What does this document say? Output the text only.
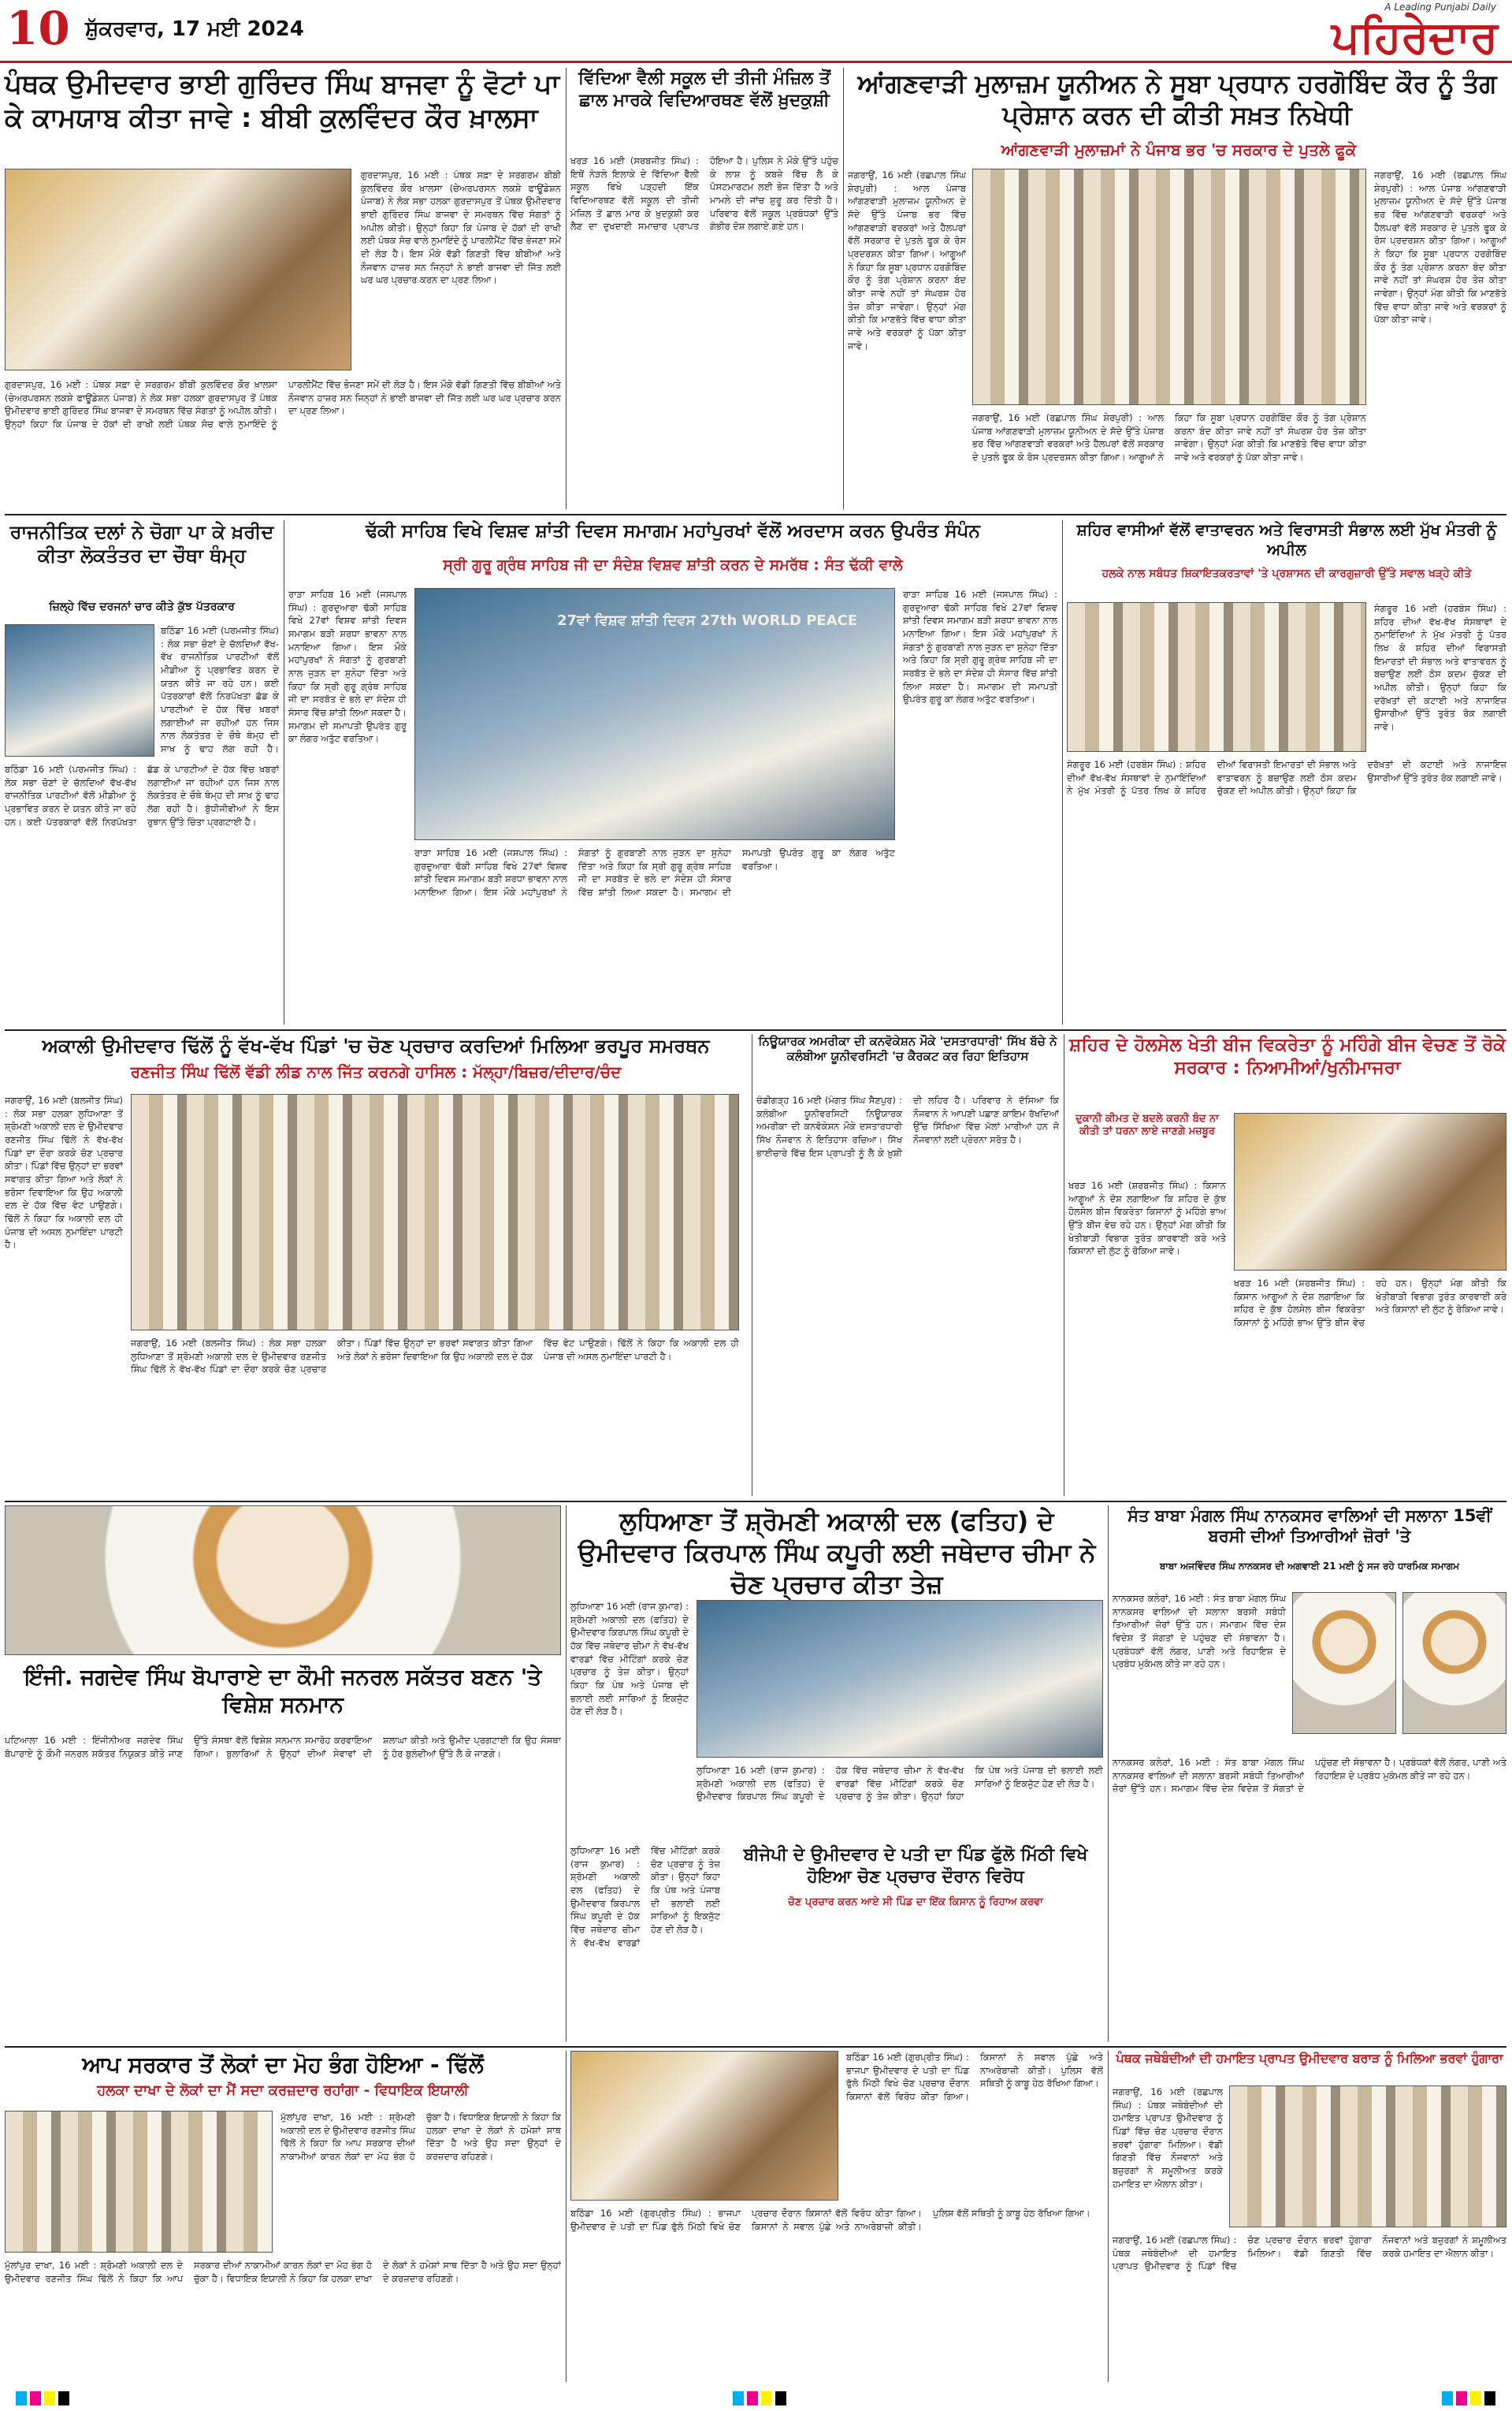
10 ਸ਼ੁੱਕਰਵਾਰ, 17 ਮਈ 2024
A Leading Punjabi Daily
ਪਹਿਰੇਦਾਰ
ਪੰਥਕ ਉਮੀਦਵਾਰ ਭਾਈ ਗੁਰਿੰਦਰ ਸਿੰਘ ਬਾਜਵਾ ਨੂੰ ਵੋਟਾਂ ਪਾ ਕੇ ਕਾਮਯਾਬ ਕੀਤਾ ਜਾਵੇ : ਬੀਬੀ ਕੁਲਵਿੰਦਰ ਕੌਰ ਖ਼ਾਲਸਾ
ਗੁਰਦਾਸਪੁਰ, 16 ਮਈ : ਪੰਥਕ ਸਫ਼ਾ ਦੇ ਸਰਗਰਮ ਬੀਬੀ ਕੁਲਵਿੰਦਰ ਕੌਰ ਖ਼ਾਲਸਾ (ਚੇਅਰਪਰਸਨ ਲਕਸ਼ੇ ਫਾਊਂਡੇਸ਼ਨ ਪੰਜਾਬ) ਨੇ ਲੋਕ ਸਭਾ ਹਲਕਾ ਗੁਰਦਾਸਪੁਰ ਤੋਂ ਪੰਥਕ ਉਮੀਦਵਾਰ ਭਾਈ ਗੁਰਿੰਦਰ ਸਿੰਘ ਬਾਜਵਾ ਦੇ ਸਮਰਥਨ ਵਿੱਚ ਸੰਗਤਾਂ ਨੂੰ ਅਪੀਲ ਕੀਤੀ। ਉਨ੍ਹਾਂ ਕਿਹਾ ਕਿ ਪੰਜਾਬ ਦੇ ਹੱਕਾਂ ਦੀ ਰਾਖੀ ਲਈ ਪੰਥਕ ਸੋਚ ਵਾਲੇ ਨੁਮਾਇੰਦੇ ਨੂੰ ਪਾਰਲੀਮੈਂਟ ਵਿੱਚ ਭੇਜਣਾ ਸਮੇਂ ਦੀ ਲੋੜ ਹੈ। ਇਸ ਮੌਕੇ ਵੱਡੀ ਗਿਣਤੀ ਵਿੱਚ ਬੀਬੀਆਂ ਅਤੇ ਨੌਜਵਾਨ ਹਾਜ਼ਰ ਸਨ ਜਿਨ੍ਹਾਂ ਨੇ ਭਾਈ ਬਾਜਵਾ ਦੀ ਜਿੱਤ ਲਈ ਘਰ ਘਰ ਪ੍ਰਚਾਰ ਕਰਨ ਦਾ ਪ੍ਰਣ ਲਿਆ।
ਗੁਰਦਾਸਪੁਰ, 16 ਮਈ : ਪੰਥਕ ਸਫ਼ਾ ਦੇ ਸਰਗਰਮ ਬੀਬੀ ਕੁਲਵਿੰਦਰ ਕੌਰ ਖ਼ਾਲਸਾ (ਚੇਅਰਪਰਸਨ ਲਕਸ਼ੇ ਫਾਊਂਡੇਸ਼ਨ ਪੰਜਾਬ) ਨੇ ਲੋਕ ਸਭਾ ਹਲਕਾ ਗੁਰਦਾਸਪੁਰ ਤੋਂ ਪੰਥਕ ਉਮੀਦਵਾਰ ਭਾਈ ਗੁਰਿੰਦਰ ਸਿੰਘ ਬਾਜਵਾ ਦੇ ਸਮਰਥਨ ਵਿੱਚ ਸੰਗਤਾਂ ਨੂੰ ਅਪੀਲ ਕੀਤੀ। ਉਨ੍ਹਾਂ ਕਿਹਾ ਕਿ ਪੰਜਾਬ ਦੇ ਹੱਕਾਂ ਦੀ ਰਾਖੀ ਲਈ ਪੰਥਕ ਸੋਚ ਵਾਲੇ ਨੁਮਾਇੰਦੇ ਨੂੰ ਪਾਰਲੀਮੈਂਟ ਵਿੱਚ ਭੇਜਣਾ ਸਮੇਂ ਦੀ ਲੋੜ ਹੈ। ਇਸ ਮੌਕੇ ਵੱਡੀ ਗਿਣਤੀ ਵਿੱਚ ਬੀਬੀਆਂ ਅਤੇ ਨੌਜਵਾਨ ਹਾਜ਼ਰ ਸਨ ਜਿਨ੍ਹਾਂ ਨੇ ਭਾਈ ਬਾਜਵਾ ਦੀ ਜਿੱਤ ਲਈ ਘਰ ਘਰ ਪ੍ਰਚਾਰ ਕਰਨ ਦਾ ਪ੍ਰਣ ਲਿਆ।
ਵਿੱਦਿਆ ਵੈਲੀ ਸਕੂਲ ਦੀ ਤੀਜੀ ਮੰਜ਼ਿਲ ਤੋਂ ਛਾਲ ਮਾਰਕੇ ਵਿਦਿਆਰਥਣ ਵੱਲੋਂ ਖ਼ੁਦਕੁਸ਼ੀ
ਖਰੜ 16 ਮਈ (ਸਰਬਜੀਤ ਸਿੰਘ) : ਇਥੋਂ ਨੇੜਲੇ ਇਲਾਕੇ ਦੇ ਵਿੱਦਿਆ ਵੈਲੀ ਸਕੂਲ ਵਿਖੇ ਪੜ੍ਹਦੀ ਇੱਕ ਵਿਦਿਆਰਥਣ ਵੱਲੋਂ ਸਕੂਲ ਦੀ ਤੀਜੀ ਮੰਜ਼ਿਲ ਤੋਂ ਛਾਲ ਮਾਰ ਕੇ ਖ਼ੁਦਕੁਸ਼ੀ ਕਰ ਲੈਣ ਦਾ ਦੁਖਦਾਈ ਸਮਾਚਾਰ ਪ੍ਰਾਪਤ ਹੋਇਆ ਹੈ। ਪੁਲਿਸ ਨੇ ਮੌਕੇ ਉੱਤੇ ਪਹੁੰਚ ਕੇ ਲਾਸ਼ ਨੂੰ ਕਬਜ਼ੇ ਵਿੱਚ ਲੈ ਕੇ ਪੋਸਟਮਾਰਟਮ ਲਈ ਭੇਜ ਦਿੱਤਾ ਹੈ ਅਤੇ ਮਾਮਲੇ ਦੀ ਜਾਂਚ ਸ਼ੁਰੂ ਕਰ ਦਿੱਤੀ ਹੈ। ਪਰਿਵਾਰ ਵੱਲੋਂ ਸਕੂਲ ਪ੍ਰਬੰਧਕਾਂ ਉੱਤੇ ਗੰਭੀਰ ਦੋਸ਼ ਲਗਾਏ ਗਏ ਹਨ।
ਆਂਗਣਵਾੜੀ ਮੁਲਾਜ਼ਮ ਯੂਨੀਅਨ ਨੇ ਸੂਬਾ ਪ੍ਰਧਾਨ ਹਰਗੋਬਿੰਦ ਕੌਰ ਨੂੰ ਤੰਗ ਪ੍ਰੇਸ਼ਾਨ ਕਰਨ ਦੀ ਕੀਤੀ ਸਖ਼ਤ ਨਿਖੇਧੀ
ਆਂਗਣਵਾੜੀ ਮੁਲਾਜ਼ਮਾਂ ਨੇ ਪੰਜਾਬ ਭਰ 'ਚ ਸਰਕਾਰ ਦੇ ਪੁਤਲੇ ਫੂਕੇ
ਜਗਰਾਉਂ, 16 ਮਈ (ਰਛਪਾਲ ਸਿੰਘ ਸ਼ੇਰਪੁਰੀ) : ਆਲ ਪੰਜਾਬ ਆਂਗਣਵਾੜੀ ਮੁਲਾਜ਼ਮ ਯੂਨੀਅਨ ਦੇ ਸੱਦੇ ਉੱਤੇ ਪੰਜਾਬ ਭਰ ਵਿੱਚ ਆਂਗਣਵਾੜੀ ਵਰਕਰਾਂ ਅਤੇ ਹੈਲਪਰਾਂ ਵੱਲੋਂ ਸਰਕਾਰ ਦੇ ਪੁਤਲੇ ਫੂਕ ਕੇ ਰੋਸ ਪ੍ਰਦਰਸ਼ਨ ਕੀਤਾ ਗਿਆ। ਆਗੂਆਂ ਨੇ ਕਿਹਾ ਕਿ ਸੂਬਾ ਪ੍ਰਧਾਨ ਹਰਗੋਬਿੰਦ ਕੌਰ ਨੂੰ ਤੰਗ ਪ੍ਰੇਸ਼ਾਨ ਕਰਨਾ ਬੰਦ ਕੀਤਾ ਜਾਵੇ ਨਹੀਂ ਤਾਂ ਸੰਘਰਸ਼ ਹੋਰ ਤੇਜ਼ ਕੀਤਾ ਜਾਵੇਗਾ। ਉਨ੍ਹਾਂ ਮੰਗ ਕੀਤੀ ਕਿ ਮਾਣਭੱਤੇ ਵਿੱਚ ਵਾਧਾ ਕੀਤਾ ਜਾਵੇ ਅਤੇ ਵਰਕਰਾਂ ਨੂੰ ਪੱਕਾ ਕੀਤਾ ਜਾਵੇ।
ਜਗਰਾਉਂ, 16 ਮਈ (ਰਛਪਾਲ ਸਿੰਘ ਸ਼ੇਰਪੁਰੀ) : ਆਲ ਪੰਜਾਬ ਆਂਗਣਵਾੜੀ ਮੁਲਾਜ਼ਮ ਯੂਨੀਅਨ ਦੇ ਸੱਦੇ ਉੱਤੇ ਪੰਜਾਬ ਭਰ ਵਿੱਚ ਆਂਗਣਵਾੜੀ ਵਰਕਰਾਂ ਅਤੇ ਹੈਲਪਰਾਂ ਵੱਲੋਂ ਸਰਕਾਰ ਦੇ ਪੁਤਲੇ ਫੂਕ ਕੇ ਰੋਸ ਪ੍ਰਦਰਸ਼ਨ ਕੀਤਾ ਗਿਆ। ਆਗੂਆਂ ਨੇ ਕਿਹਾ ਕਿ ਸੂਬਾ ਪ੍ਰਧਾਨ ਹਰਗੋਬਿੰਦ ਕੌਰ ਨੂੰ ਤੰਗ ਪ੍ਰੇਸ਼ਾਨ ਕਰਨਾ ਬੰਦ ਕੀਤਾ ਜਾਵੇ ਨਹੀਂ ਤਾਂ ਸੰਘਰਸ਼ ਹੋਰ ਤੇਜ਼ ਕੀਤਾ ਜਾਵੇਗਾ। ਉਨ੍ਹਾਂ ਮੰਗ ਕੀਤੀ ਕਿ ਮਾਣਭੱਤੇ ਵਿੱਚ ਵਾਧਾ ਕੀਤਾ ਜਾਵੇ ਅਤੇ ਵਰਕਰਾਂ ਨੂੰ ਪੱਕਾ ਕੀਤਾ ਜਾਵੇ।
ਜਗਰਾਉਂ, 16 ਮਈ (ਰਛਪਾਲ ਸਿੰਘ ਸ਼ੇਰਪੁਰੀ) : ਆਲ ਪੰਜਾਬ ਆਂਗਣਵਾੜੀ ਮੁਲਾਜ਼ਮ ਯੂਨੀਅਨ ਦੇ ਸੱਦੇ ਉੱਤੇ ਪੰਜਾਬ ਭਰ ਵਿੱਚ ਆਂਗਣਵਾੜੀ ਵਰਕਰਾਂ ਅਤੇ ਹੈਲਪਰਾਂ ਵੱਲੋਂ ਸਰਕਾਰ ਦੇ ਪੁਤਲੇ ਫੂਕ ਕੇ ਰੋਸ ਪ੍ਰਦਰਸ਼ਨ ਕੀਤਾ ਗਿਆ। ਆਗੂਆਂ ਨੇ ਕਿਹਾ ਕਿ ਸੂਬਾ ਪ੍ਰਧਾਨ ਹਰਗੋਬਿੰਦ ਕੌਰ ਨੂੰ ਤੰਗ ਪ੍ਰੇਸ਼ਾਨ ਕਰਨਾ ਬੰਦ ਕੀਤਾ ਜਾਵੇ ਨਹੀਂ ਤਾਂ ਸੰਘਰਸ਼ ਹੋਰ ਤੇਜ਼ ਕੀਤਾ ਜਾਵੇਗਾ। ਉਨ੍ਹਾਂ ਮੰਗ ਕੀਤੀ ਕਿ ਮਾਣਭੱਤੇ ਵਿੱਚ ਵਾਧਾ ਕੀਤਾ ਜਾਵੇ ਅਤੇ ਵਰਕਰਾਂ ਨੂੰ ਪੱਕਾ ਕੀਤਾ ਜਾਵੇ।
ਰਾਜਨੀਤਿਕ ਦਲਾਂ ਨੇ ਚੋਗਾ ਪਾ ਕੇ ਖ਼ਰੀਦ ਕੀਤਾ ਲੋਕਤੰਤਰ ਦਾ ਚੌਥਾ ਥੰਮ੍ਹ
ਜ਼ਿਲ੍ਹੇ ਵਿੱਚ ਦਰਜਨਾਂ ਚਾਰ ਕੀਤੇ ਕੁੱਝ ਪੱਤਰਕਾਰ
ਬਠਿੰਡਾ 16 ਮਈ (ਪਰਮਜੀਤ ਸਿੰਘ) : ਲੋਕ ਸਭਾ ਚੋਣਾਂ ਦੇ ਚੱਲਦਿਆਂ ਵੱਖ-ਵੱਖ ਰਾਜਨੀਤਿਕ ਪਾਰਟੀਆਂ ਵੱਲੋਂ ਮੀਡੀਆ ਨੂੰ ਪ੍ਰਭਾਵਿਤ ਕਰਨ ਦੇ ਯਤਨ ਕੀਤੇ ਜਾ ਰਹੇ ਹਨ। ਕਈ ਪੱਤਰਕਾਰਾਂ ਵੱਲੋਂ ਨਿਰਪੱਖਤਾ ਛੱਡ ਕੇ ਪਾਰਟੀਆਂ ਦੇ ਹੱਕ ਵਿੱਚ ਖ਼ਬਰਾਂ ਲਗਾਈਆਂ ਜਾ ਰਹੀਆਂ ਹਨ ਜਿਸ ਨਾਲ ਲੋਕਤੰਤਰ ਦੇ ਚੌਥੇ ਥੰਮ੍ਹ ਦੀ ਸਾਖ਼ ਨੂੰ ਢਾਹ ਲੱਗ ਰਹੀ ਹੈ।
ਬਠਿੰਡਾ 16 ਮਈ (ਪਰਮਜੀਤ ਸਿੰਘ) : ਲੋਕ ਸਭਾ ਚੋਣਾਂ ਦੇ ਚੱਲਦਿਆਂ ਵੱਖ-ਵੱਖ ਰਾਜਨੀਤਿਕ ਪਾਰਟੀਆਂ ਵੱਲੋਂ ਮੀਡੀਆ ਨੂੰ ਪ੍ਰਭਾਵਿਤ ਕਰਨ ਦੇ ਯਤਨ ਕੀਤੇ ਜਾ ਰਹੇ ਹਨ। ਕਈ ਪੱਤਰਕਾਰਾਂ ਵੱਲੋਂ ਨਿਰਪੱਖਤਾ ਛੱਡ ਕੇ ਪਾਰਟੀਆਂ ਦੇ ਹੱਕ ਵਿੱਚ ਖ਼ਬਰਾਂ ਲਗਾਈਆਂ ਜਾ ਰਹੀਆਂ ਹਨ ਜਿਸ ਨਾਲ ਲੋਕਤੰਤਰ ਦੇ ਚੌਥੇ ਥੰਮ੍ਹ ਦੀ ਸਾਖ਼ ਨੂੰ ਢਾਹ ਲੱਗ ਰਹੀ ਹੈ। ਬੁੱਧੀਜੀਵੀਆਂ ਨੇ ਇਸ ਰੁਝਾਨ ਉੱਤੇ ਚਿੰਤਾ ਪ੍ਰਗਟਾਈ ਹੈ।
ਢੱਕੀ ਸਾਹਿਬ ਵਿਖੇ ਵਿਸ਼ਵ ਸ਼ਾਂਤੀ ਦਿਵਸ ਸਮਾਗਮ ਮਹਾਂਪੁਰਖਾਂ ਵੱਲੋਂ ਅਰਦਾਸ ਕਰਨ ਉਪਰੰਤ ਸੰਪੰਨ
ਸ੍ਰੀ ਗੁਰੂ ਗ੍ਰੰਥ ਸਾਹਿਬ ਜੀ ਦਾ ਸੰਦੇਸ਼ ਵਿਸ਼ਵ ਸ਼ਾਂਤੀ ਕਰਨ ਦੇ ਸਮਰੱਥ : ਸੰਤ ਢੱਕੀ ਵਾਲੇ
ਰਾੜਾ ਸਾਹਿਬ 16 ਮਈ (ਜਸਪਾਲ ਸਿੰਘ) : ਗੁਰਦੁਆਰਾ ਢੱਕੀ ਸਾਹਿਬ ਵਿਖੇ 27ਵਾਂ ਵਿਸ਼ਵ ਸ਼ਾਂਤੀ ਦਿਵਸ ਸਮਾਗਮ ਬੜੀ ਸ਼ਰਧਾ ਭਾਵਨਾ ਨਾਲ ਮਨਾਇਆ ਗਿਆ। ਇਸ ਮੌਕੇ ਮਹਾਂਪੁਰਖਾਂ ਨੇ ਸੰਗਤਾਂ ਨੂੰ ਗੁਰਬਾਣੀ ਨਾਲ ਜੁੜਨ ਦਾ ਸੁਨੇਹਾ ਦਿੱਤਾ ਅਤੇ ਕਿਹਾ ਕਿ ਸ੍ਰੀ ਗੁਰੂ ਗ੍ਰੰਥ ਸਾਹਿਬ ਜੀ ਦਾ ਸਰਬੱਤ ਦੇ ਭਲੇ ਦਾ ਸੰਦੇਸ਼ ਹੀ ਸੰਸਾਰ ਵਿੱਚ ਸ਼ਾਂਤੀ ਲਿਆ ਸਕਦਾ ਹੈ। ਸਮਾਗਮ ਦੀ ਸਮਾਪਤੀ ਉਪਰੰਤ ਗੁਰੂ ਕਾ ਲੰਗਰ ਅਤੁੱਟ ਵਰਤਿਆ।
27ਵਾਂ ਵਿਸ਼ਵ ਸ਼ਾਂਤੀ ਦਿਵਸ 27th WORLD PEACE
ਰਾੜਾ ਸਾਹਿਬ 16 ਮਈ (ਜਸਪਾਲ ਸਿੰਘ) : ਗੁਰਦੁਆਰਾ ਢੱਕੀ ਸਾਹਿਬ ਵਿਖੇ 27ਵਾਂ ਵਿਸ਼ਵ ਸ਼ਾਂਤੀ ਦਿਵਸ ਸਮਾਗਮ ਬੜੀ ਸ਼ਰਧਾ ਭਾਵਨਾ ਨਾਲ ਮਨਾਇਆ ਗਿਆ। ਇਸ ਮੌਕੇ ਮਹਾਂਪੁਰਖਾਂ ਨੇ ਸੰਗਤਾਂ ਨੂੰ ਗੁਰਬਾਣੀ ਨਾਲ ਜੁੜਨ ਦਾ ਸੁਨੇਹਾ ਦਿੱਤਾ ਅਤੇ ਕਿਹਾ ਕਿ ਸ੍ਰੀ ਗੁਰੂ ਗ੍ਰੰਥ ਸਾਹਿਬ ਜੀ ਦਾ ਸਰਬੱਤ ਦੇ ਭਲੇ ਦਾ ਸੰਦੇਸ਼ ਹੀ ਸੰਸਾਰ ਵਿੱਚ ਸ਼ਾਂਤੀ ਲਿਆ ਸਕਦਾ ਹੈ। ਸਮਾਗਮ ਦੀ ਸਮਾਪਤੀ ਉਪਰੰਤ ਗੁਰੂ ਕਾ ਲੰਗਰ ਅਤੁੱਟ ਵਰਤਿਆ।
ਰਾੜਾ ਸਾਹਿਬ 16 ਮਈ (ਜਸਪਾਲ ਸਿੰਘ) : ਗੁਰਦੁਆਰਾ ਢੱਕੀ ਸਾਹਿਬ ਵਿਖੇ 27ਵਾਂ ਵਿਸ਼ਵ ਸ਼ਾਂਤੀ ਦਿਵਸ ਸਮਾਗਮ ਬੜੀ ਸ਼ਰਧਾ ਭਾਵਨਾ ਨਾਲ ਮਨਾਇਆ ਗਿਆ। ਇਸ ਮੌਕੇ ਮਹਾਂਪੁਰਖਾਂ ਨੇ ਸੰਗਤਾਂ ਨੂੰ ਗੁਰਬਾਣੀ ਨਾਲ ਜੁੜਨ ਦਾ ਸੁਨੇਹਾ ਦਿੱਤਾ ਅਤੇ ਕਿਹਾ ਕਿ ਸ੍ਰੀ ਗੁਰੂ ਗ੍ਰੰਥ ਸਾਹਿਬ ਜੀ ਦਾ ਸਰਬੱਤ ਦੇ ਭਲੇ ਦਾ ਸੰਦੇਸ਼ ਹੀ ਸੰਸਾਰ ਵਿੱਚ ਸ਼ਾਂਤੀ ਲਿਆ ਸਕਦਾ ਹੈ। ਸਮਾਗਮ ਦੀ ਸਮਾਪਤੀ ਉਪਰੰਤ ਗੁਰੂ ਕਾ ਲੰਗਰ ਅਤੁੱਟ ਵਰਤਿਆ।
ਸ਼ਹਿਰ ਵਾਸੀਆਂ ਵੱਲੋਂ ਵਾਤਾਵਰਨ ਅਤੇ ਵਿਰਾਸਤੀ ਸੰਭਾਲ ਲਈ ਮੁੱਖ ਮੰਤਰੀ ਨੂੰ ਅਪੀਲ
ਹਲਕੇ ਨਾਲ ਸਬੰਧਤ ਸ਼ਿਕਾਇਤਕਰਤਾਵਾਂ 'ਤੇ ਪ੍ਰਸ਼ਾਸਨ ਦੀ ਕਾਰਗੁਜ਼ਾਰੀ ਉੱਤੇ ਸਵਾਲ ਖੜ੍ਹੇ ਕੀਤੇ
ਸੰਗਰੂਰ 16 ਮਈ (ਹਰਬੰਸ ਸਿੰਘ) : ਸ਼ਹਿਰ ਦੀਆਂ ਵੱਖ-ਵੱਖ ਸੰਸਥਾਵਾਂ ਦੇ ਨੁਮਾਇੰਦਿਆਂ ਨੇ ਮੁੱਖ ਮੰਤਰੀ ਨੂੰ ਪੱਤਰ ਲਿਖ ਕੇ ਸ਼ਹਿਰ ਦੀਆਂ ਵਿਰਾਸਤੀ ਇਮਾਰਤਾਂ ਦੀ ਸੰਭਾਲ ਅਤੇ ਵਾਤਾਵਰਨ ਨੂੰ ਬਚਾਉਣ ਲਈ ਠੋਸ ਕਦਮ ਚੁੱਕਣ ਦੀ ਅਪੀਲ ਕੀਤੀ। ਉਨ੍ਹਾਂ ਕਿਹਾ ਕਿ ਦਰੱਖ਼ਤਾਂ ਦੀ ਕਟਾਈ ਅਤੇ ਨਾਜਾਇਜ਼ ਉਸਾਰੀਆਂ ਉੱਤੇ ਤੁਰੰਤ ਰੋਕ ਲਗਾਈ ਜਾਵੇ।
ਸੰਗਰੂਰ 16 ਮਈ (ਹਰਬੰਸ ਸਿੰਘ) : ਸ਼ਹਿਰ ਦੀਆਂ ਵੱਖ-ਵੱਖ ਸੰਸਥਾਵਾਂ ਦੇ ਨੁਮਾਇੰਦਿਆਂ ਨੇ ਮੁੱਖ ਮੰਤਰੀ ਨੂੰ ਪੱਤਰ ਲਿਖ ਕੇ ਸ਼ਹਿਰ ਦੀਆਂ ਵਿਰਾਸਤੀ ਇਮਾਰਤਾਂ ਦੀ ਸੰਭਾਲ ਅਤੇ ਵਾਤਾਵਰਨ ਨੂੰ ਬਚਾਉਣ ਲਈ ਠੋਸ ਕਦਮ ਚੁੱਕਣ ਦੀ ਅਪੀਲ ਕੀਤੀ। ਉਨ੍ਹਾਂ ਕਿਹਾ ਕਿ ਦਰੱਖ਼ਤਾਂ ਦੀ ਕਟਾਈ ਅਤੇ ਨਾਜਾਇਜ਼ ਉਸਾਰੀਆਂ ਉੱਤੇ ਤੁਰੰਤ ਰੋਕ ਲਗਾਈ ਜਾਵੇ।
ਅਕਾਲੀ ਉਮੀਦਵਾਰ ਢਿੱਲੋਂ ਨੂੰ ਵੱਖ-ਵੱਖ ਪਿੰਡਾਂ 'ਚ ਚੋਣ ਪ੍ਰਚਾਰ ਕਰਦਿਆਂ ਮਿਲਿਆ ਭਰਪੂਰ ਸਮਰਥਨ
ਰਣਜੀਤ ਸਿੰਘ ਢਿੱਲੋਂ ਵੱਡੀ ਲੀਡ ਨਾਲ ਜਿੱਤ ਕਰਨਗੇ ਹਾਸਿਲ : ਮੱਲ੍ਹਾ/ਬਿਜ਼ਰ/ਦੀਦਾਰ/ਚੰਦ
ਜਗਰਾਉਂ, 16 ਮਈ (ਬਲਜੀਤ ਸਿੰਘ) : ਲੋਕ ਸਭਾ ਹਲਕਾ ਲੁਧਿਆਣਾ ਤੋਂ ਸ਼੍ਰੋਮਣੀ ਅਕਾਲੀ ਦਲ ਦੇ ਉਮੀਦਵਾਰ ਰਣਜੀਤ ਸਿੰਘ ਢਿੱਲੋਂ ਨੇ ਵੱਖ-ਵੱਖ ਪਿੰਡਾਂ ਦਾ ਦੌਰਾ ਕਰਕੇ ਚੋਣ ਪ੍ਰਚਾਰ ਕੀਤਾ। ਪਿੰਡਾਂ ਵਿੱਚ ਉਨ੍ਹਾਂ ਦਾ ਭਰਵਾਂ ਸਵਾਗਤ ਕੀਤਾ ਗਿਆ ਅਤੇ ਲੋਕਾਂ ਨੇ ਭਰੋਸਾ ਦਿਵਾਇਆ ਕਿ ਉਹ ਅਕਾਲੀ ਦਲ ਦੇ ਹੱਕ ਵਿੱਚ ਵੋਟ ਪਾਉਣਗੇ। ਢਿੱਲੋਂ ਨੇ ਕਿਹਾ ਕਿ ਅਕਾਲੀ ਦਲ ਹੀ ਪੰਜਾਬ ਦੀ ਅਸਲ ਨੁਮਾਇੰਦਾ ਪਾਰਟੀ ਹੈ।
ਜਗਰਾਉਂ, 16 ਮਈ (ਬਲਜੀਤ ਸਿੰਘ) : ਲੋਕ ਸਭਾ ਹਲਕਾ ਲੁਧਿਆਣਾ ਤੋਂ ਸ਼੍ਰੋਮਣੀ ਅਕਾਲੀ ਦਲ ਦੇ ਉਮੀਦਵਾਰ ਰਣਜੀਤ ਸਿੰਘ ਢਿੱਲੋਂ ਨੇ ਵੱਖ-ਵੱਖ ਪਿੰਡਾਂ ਦਾ ਦੌਰਾ ਕਰਕੇ ਚੋਣ ਪ੍ਰਚਾਰ ਕੀਤਾ। ਪਿੰਡਾਂ ਵਿੱਚ ਉਨ੍ਹਾਂ ਦਾ ਭਰਵਾਂ ਸਵਾਗਤ ਕੀਤਾ ਗਿਆ ਅਤੇ ਲੋਕਾਂ ਨੇ ਭਰੋਸਾ ਦਿਵਾਇਆ ਕਿ ਉਹ ਅਕਾਲੀ ਦਲ ਦੇ ਹੱਕ ਵਿੱਚ ਵੋਟ ਪਾਉਣਗੇ। ਢਿੱਲੋਂ ਨੇ ਕਿਹਾ ਕਿ ਅਕਾਲੀ ਦਲ ਹੀ ਪੰਜਾਬ ਦੀ ਅਸਲ ਨੁਮਾਇੰਦਾ ਪਾਰਟੀ ਹੈ।
ਨਿਊਯਾਰਕ ਅਮਰੀਕਾ ਦੀ ਕਨਵੋਕੇਸ਼ਨ ਮੌਕੇ 'ਦਸਤਾਰਧਾਰੀ' ਸਿੱਖ ਬੱਚੇ ਨੇ ਕਲੰਬੀਆ ਯੂਨੀਵਰਸਿਟੀ 'ਚ ਕੈਰਕਟ ਕਰ ਰਿਹਾ ਇਤਿਹਾਸ
ਚੰਡੀਗੜ੍ਹ 16 ਮਈ (ਮੰਗਤ ਸਿੰਘ ਸੈਣਪੁਰ) : ਕਲੰਬੀਆ ਯੂਨੀਵਰਸਿਟੀ ਨਿਊਯਾਰਕ ਅਮਰੀਕਾ ਦੀ ਕਨਵੋਕੇਸ਼ਨ ਮੌਕੇ ਦਸਤਾਰਧਾਰੀ ਸਿੱਖ ਨੌਜਵਾਨ ਨੇ ਇਤਿਹਾਸ ਰਚਿਆ। ਸਿੱਖ ਭਾਈਚਾਰੇ ਵਿੱਚ ਇਸ ਪ੍ਰਾਪਤੀ ਨੂੰ ਲੈ ਕੇ ਖ਼ੁਸ਼ੀ ਦੀ ਲਹਿਰ ਹੈ। ਪਰਿਵਾਰ ਨੇ ਦੱਸਿਆ ਕਿ ਨੌਜਵਾਨ ਨੇ ਆਪਣੀ ਪਛਾਣ ਕਾਇਮ ਰੱਖਦਿਆਂ ਉੱਚ ਸਿੱਖਿਆ ਵਿੱਚ ਮੱਲਾਂ ਮਾਰੀਆਂ ਹਨ ਜੋ ਨੌਜਵਾਨਾਂ ਲਈ ਪ੍ਰੇਰਨਾ ਸਰੋਤ ਹੈ।
ਸ਼ਹਿਰ ਦੇ ਹੋਲਸੇਲ ਖੇਤੀ ਬੀਜ ਵਿਕਰੇਤਾ ਨੂੰ ਮਹਿੰਗੇ ਬੀਜ ਵੇਚਣ ਤੋਂ ਰੋਕੇ ਸਰਕਾਰ : ਨਿਆਮੀਆਂ/ਖੁਨੀਮਾਜਰਾ
ਦੁਕਾਨੀ ਕੀਮਤ ਦੇ ਬਦਲੇ ਕਰਨੀ ਬੰਦ ਨਾ ਕੀਤੀ ਤਾਂ ਧਰਨਾ ਲਾਏ ਜਾਣਗੇ ਮਜ਼ਬੂਰ
ਖਰੜ 16 ਮਈ (ਸ਼ਰਬਜੀਤ ਸਿੰਘ) : ਕਿਸਾਨ ਆਗੂਆਂ ਨੇ ਦੋਸ਼ ਲਗਾਇਆ ਕਿ ਸ਼ਹਿਰ ਦੇ ਕੁੱਝ ਹੋਲਸੇਲ ਬੀਜ ਵਿਕਰੇਤਾ ਕਿਸਾਨਾਂ ਨੂੰ ਮਹਿੰਗੇ ਭਾਅ ਉੱਤੇ ਬੀਜ ਵੇਚ ਰਹੇ ਹਨ। ਉਨ੍ਹਾਂ ਮੰਗ ਕੀਤੀ ਕਿ ਖੇਤੀਬਾੜੀ ਵਿਭਾਗ ਤੁਰੰਤ ਕਾਰਵਾਈ ਕਰੇ ਅਤੇ ਕਿਸਾਨਾਂ ਦੀ ਲੁੱਟ ਨੂੰ ਰੋਕਿਆ ਜਾਵੇ।
ਖਰੜ 16 ਮਈ (ਸ਼ਰਬਜੀਤ ਸਿੰਘ) : ਕਿਸਾਨ ਆਗੂਆਂ ਨੇ ਦੋਸ਼ ਲਗਾਇਆ ਕਿ ਸ਼ਹਿਰ ਦੇ ਕੁੱਝ ਹੋਲਸੇਲ ਬੀਜ ਵਿਕਰੇਤਾ ਕਿਸਾਨਾਂ ਨੂੰ ਮਹਿੰਗੇ ਭਾਅ ਉੱਤੇ ਬੀਜ ਵੇਚ ਰਹੇ ਹਨ। ਉਨ੍ਹਾਂ ਮੰਗ ਕੀਤੀ ਕਿ ਖੇਤੀਬਾੜੀ ਵਿਭਾਗ ਤੁਰੰਤ ਕਾਰਵਾਈ ਕਰੇ ਅਤੇ ਕਿਸਾਨਾਂ ਦੀ ਲੁੱਟ ਨੂੰ ਰੋਕਿਆ ਜਾਵੇ।
ਇੰਜੀ. ਜਗਦੇਵ ਸਿੰਘ ਬੋਪਾਰਾਏ ਦਾ ਕੌਮੀ ਜਨਰਲ ਸਕੱਤਰ ਬਣਨ 'ਤੇ ਵਿਸ਼ੇਸ਼ ਸਨਮਾਨ
ਪਟਿਆਲਾ 16 ਮਈ : ਇੰਜੀਨੀਅਰ ਜਗਦੇਵ ਸਿੰਘ ਬੋਪਾਰਾਏ ਨੂੰ ਕੌਮੀ ਜਨਰਲ ਸਕੱਤਰ ਨਿਯੁਕਤ ਕੀਤੇ ਜਾਣ ਉੱਤੇ ਸੰਸਥਾ ਵੱਲੋਂ ਵਿਸ਼ੇਸ਼ ਸਨਮਾਨ ਸਮਾਰੋਹ ਕਰਵਾਇਆ ਗਿਆ। ਬੁਲਾਰਿਆਂ ਨੇ ਉਨ੍ਹਾਂ ਦੀਆਂ ਸੇਵਾਵਾਂ ਦੀ ਸ਼ਲਾਘਾ ਕੀਤੀ ਅਤੇ ਉਮੀਦ ਪ੍ਰਗਟਾਈ ਕਿ ਉਹ ਸੰਸਥਾ ਨੂੰ ਹੋਰ ਬੁਲੰਦੀਆਂ ਉੱਤੇ ਲੈ ਕੇ ਜਾਣਗੇ।
ਲੁਧਿਆਣਾ ਤੋਂ ਸ਼੍ਰੋਮਣੀ ਅਕਾਲੀ ਦਲ (ਫਤਿਹ) ਦੇ ਉਮੀਦਵਾਰ ਕਿਰਪਾਲ ਸਿੰਘ ਕਪੂਰੀ ਲਈ ਜਥੇਦਾਰ ਚੀਮਾ ਨੇ ਚੋਣ ਪ੍ਰਚਾਰ ਕੀਤਾ ਤੇਜ਼
ਲੁਧਿਆਣਾ 16 ਮਈ (ਰਾਜ ਕੁਮਾਰ) : ਸ਼੍ਰੋਮਣੀ ਅਕਾਲੀ ਦਲ (ਫਤਿਹ) ਦੇ ਉਮੀਦਵਾਰ ਕਿਰਪਾਲ ਸਿੰਘ ਕਪੂਰੀ ਦੇ ਹੱਕ ਵਿੱਚ ਜਥੇਦਾਰ ਚੀਮਾ ਨੇ ਵੱਖ-ਵੱਖ ਵਾਰਡਾਂ ਵਿੱਚ ਮੀਟਿੰਗਾਂ ਕਰਕੇ ਚੋਣ ਪ੍ਰਚਾਰ ਨੂੰ ਤੇਜ਼ ਕੀਤਾ। ਉਨ੍ਹਾਂ ਕਿਹਾ ਕਿ ਪੰਥ ਅਤੇ ਪੰਜਾਬ ਦੀ ਭਲਾਈ ਲਈ ਸਾਰਿਆਂ ਨੂੰ ਇਕਜੁੱਟ ਹੋਣ ਦੀ ਲੋੜ ਹੈ।
ਲੁਧਿਆਣਾ 16 ਮਈ (ਰਾਜ ਕੁਮਾਰ) : ਸ਼੍ਰੋਮਣੀ ਅਕਾਲੀ ਦਲ (ਫਤਿਹ) ਦੇ ਉਮੀਦਵਾਰ ਕਿਰਪਾਲ ਸਿੰਘ ਕਪੂਰੀ ਦੇ ਹੱਕ ਵਿੱਚ ਜਥੇਦਾਰ ਚੀਮਾ ਨੇ ਵੱਖ-ਵੱਖ ਵਾਰਡਾਂ ਵਿੱਚ ਮੀਟਿੰਗਾਂ ਕਰਕੇ ਚੋਣ ਪ੍ਰਚਾਰ ਨੂੰ ਤੇਜ਼ ਕੀਤਾ। ਉਨ੍ਹਾਂ ਕਿਹਾ ਕਿ ਪੰਥ ਅਤੇ ਪੰਜਾਬ ਦੀ ਭਲਾਈ ਲਈ ਸਾਰਿਆਂ ਨੂੰ ਇਕਜੁੱਟ ਹੋਣ ਦੀ ਲੋੜ ਹੈ।
ਬੀਜੇਪੀ ਦੇ ਉਮੀਦਵਾਰ ਦੇ ਪਤੀ ਦਾ ਪਿੰਡ ਫੁੱਲੋ ਮਿੱਠੀ ਵਿਖੇ ਹੋਇਆ ਚੋਣ ਪ੍ਰਚਾਰ ਦੌਰਾਨ ਵਿਰੋਧ
ਚੋਣ ਪ੍ਰਚਾਰ ਕਰਨ ਆਏ ਸੀ ਪਿੰਡ ਦਾ ਇੱਕ ਕਿਸਾਨ ਨੂੰ ਰਿਹਾਅ ਕਰਵਾ
ਲੁਧਿਆਣਾ 16 ਮਈ (ਰਾਜ ਕੁਮਾਰ) : ਸ਼੍ਰੋਮਣੀ ਅਕਾਲੀ ਦਲ (ਫਤਿਹ) ਦੇ ਉਮੀਦਵਾਰ ਕਿਰਪਾਲ ਸਿੰਘ ਕਪੂਰੀ ਦੇ ਹੱਕ ਵਿੱਚ ਜਥੇਦਾਰ ਚੀਮਾ ਨੇ ਵੱਖ-ਵੱਖ ਵਾਰਡਾਂ ਵਿੱਚ ਮੀਟਿੰਗਾਂ ਕਰਕੇ ਚੋਣ ਪ੍ਰਚਾਰ ਨੂੰ ਤੇਜ਼ ਕੀਤਾ। ਉਨ੍ਹਾਂ ਕਿਹਾ ਕਿ ਪੰਥ ਅਤੇ ਪੰਜਾਬ ਦੀ ਭਲਾਈ ਲਈ ਸਾਰਿਆਂ ਨੂੰ ਇਕਜੁੱਟ ਹੋਣ ਦੀ ਲੋੜ ਹੈ।
ਸੰਤ ਬਾਬਾ ਮੰਗਲ ਸਿੰਘ ਨਾਨਕਸਰ ਵਾਲਿਆਂ ਦੀ ਸਲਾਨਾ 15ਵੀਂ ਬਰਸੀ ਦੀਆਂ ਤਿਆਰੀਆਂ ਜ਼ੋਰਾਂ 'ਤੇ
ਬਾਬਾ ਅਜਵਿੰਦਰ ਸਿੰਘ ਨਾਨਕਸਰ ਦੀ ਅਗਵਾਈ 21 ਮਈ ਨੂੰ ਸਜ ਰਹੇ ਧਾਰਮਿਕ ਸਮਾਗਮ
ਨਾਨਕਸਰ ਕਲੇਰਾਂ, 16 ਮਈ : ਸੰਤ ਬਾਬਾ ਮੰਗਲ ਸਿੰਘ ਨਾਨਕਸਰ ਵਾਲਿਆਂ ਦੀ ਸਲਾਨਾ ਬਰਸੀ ਸਬੰਧੀ ਤਿਆਰੀਆਂ ਜ਼ੋਰਾਂ ਉੱਤੇ ਹਨ। ਸਮਾਗਮ ਵਿੱਚ ਦੇਸ਼ ਵਿਦੇਸ਼ ਤੋਂ ਸੰਗਤਾਂ ਦੇ ਪਹੁੰਚਣ ਦੀ ਸੰਭਾਵਨਾ ਹੈ। ਪ੍ਰਬੰਧਕਾਂ ਵੱਲੋਂ ਲੰਗਰ, ਪਾਣੀ ਅਤੇ ਰਿਹਾਇਸ਼ ਦੇ ਪ੍ਰਬੰਧ ਮੁਕੰਮਲ ਕੀਤੇ ਜਾ ਰਹੇ ਹਨ।
ਨਾਨਕਸਰ ਕਲੇਰਾਂ, 16 ਮਈ : ਸੰਤ ਬਾਬਾ ਮੰਗਲ ਸਿੰਘ ਨਾਨਕਸਰ ਵਾਲਿਆਂ ਦੀ ਸਲਾਨਾ ਬਰਸੀ ਸਬੰਧੀ ਤਿਆਰੀਆਂ ਜ਼ੋਰਾਂ ਉੱਤੇ ਹਨ। ਸਮਾਗਮ ਵਿੱਚ ਦੇਸ਼ ਵਿਦੇਸ਼ ਤੋਂ ਸੰਗਤਾਂ ਦੇ ਪਹੁੰਚਣ ਦੀ ਸੰਭਾਵਨਾ ਹੈ। ਪ੍ਰਬੰਧਕਾਂ ਵੱਲੋਂ ਲੰਗਰ, ਪਾਣੀ ਅਤੇ ਰਿਹਾਇਸ਼ ਦੇ ਪ੍ਰਬੰਧ ਮੁਕੰਮਲ ਕੀਤੇ ਜਾ ਰਹੇ ਹਨ।
ਆਪ ਸਰਕਾਰ ਤੋਂ ਲੋਕਾਂ ਦਾ ਮੋਹ ਭੰਗ ਹੋਇਆ - ਢਿੱਲੋਂ
ਹਲਕਾ ਦਾਖਾ ਦੇ ਲੋਕਾਂ ਦਾ ਮੈਂ ਸਦਾ ਕਰਜ਼ਦਾਰ ਰਹਾਂਗਾ - ਵਿਧਾਇਕ ਇਯਾਲੀ
ਮੁੱਲਾਂਪੁਰ ਦਾਖਾ, 16 ਮਈ : ਸ਼੍ਰੋਮਣੀ ਅਕਾਲੀ ਦਲ ਦੇ ਉਮੀਦਵਾਰ ਰਣਜੀਤ ਸਿੰਘ ਢਿੱਲੋਂ ਨੇ ਕਿਹਾ ਕਿ ਆਪ ਸਰਕਾਰ ਦੀਆਂ ਨਾਕਾਮੀਆਂ ਕਾਰਨ ਲੋਕਾਂ ਦਾ ਮੋਹ ਭੰਗ ਹੋ ਚੁੱਕਾ ਹੈ। ਵਿਧਾਇਕ ਇਯਾਲੀ ਨੇ ਕਿਹਾ ਕਿ ਹਲਕਾ ਦਾਖਾ ਦੇ ਲੋਕਾਂ ਨੇ ਹਮੇਸ਼ਾਂ ਸਾਥ ਦਿੱਤਾ ਹੈ ਅਤੇ ਉਹ ਸਦਾ ਉਨ੍ਹਾਂ ਦੇ ਕਰਜ਼ਦਾਰ ਰਹਿਣਗੇ।
ਮੁੱਲਾਂਪੁਰ ਦਾਖਾ, 16 ਮਈ : ਸ਼੍ਰੋਮਣੀ ਅਕਾਲੀ ਦਲ ਦੇ ਉਮੀਦਵਾਰ ਰਣਜੀਤ ਸਿੰਘ ਢਿੱਲੋਂ ਨੇ ਕਿਹਾ ਕਿ ਆਪ ਸਰਕਾਰ ਦੀਆਂ ਨਾਕਾਮੀਆਂ ਕਾਰਨ ਲੋਕਾਂ ਦਾ ਮੋਹ ਭੰਗ ਹੋ ਚੁੱਕਾ ਹੈ। ਵਿਧਾਇਕ ਇਯਾਲੀ ਨੇ ਕਿਹਾ ਕਿ ਹਲਕਾ ਦਾਖਾ ਦੇ ਲੋਕਾਂ ਨੇ ਹਮੇਸ਼ਾਂ ਸਾਥ ਦਿੱਤਾ ਹੈ ਅਤੇ ਉਹ ਸਦਾ ਉਨ੍ਹਾਂ ਦੇ ਕਰਜ਼ਦਾਰ ਰਹਿਣਗੇ।
ਬਠਿੰਡਾ 16 ਮਈ (ਗੁਰਪ੍ਰੀਤ ਸਿੰਘ) : ਭਾਜਪਾ ਉਮੀਦਵਾਰ ਦੇ ਪਤੀ ਦਾ ਪਿੰਡ ਫੁੱਲੋ ਮਿੱਠੀ ਵਿਖੇ ਚੋਣ ਪ੍ਰਚਾਰ ਦੌਰਾਨ ਕਿਸਾਨਾਂ ਵੱਲੋਂ ਵਿਰੋਧ ਕੀਤਾ ਗਿਆ। ਕਿਸਾਨਾਂ ਨੇ ਸਵਾਲ ਪੁੱਛੇ ਅਤੇ ਨਾਅਰੇਬਾਜ਼ੀ ਕੀਤੀ। ਪੁਲਿਸ ਵੱਲੋਂ ਸਥਿਤੀ ਨੂੰ ਕਾਬੂ ਹੇਠ ਰੱਖਿਆ ਗਿਆ।
ਬਠਿੰਡਾ 16 ਮਈ (ਗੁਰਪ੍ਰੀਤ ਸਿੰਘ) : ਭਾਜਪਾ ਉਮੀਦਵਾਰ ਦੇ ਪਤੀ ਦਾ ਪਿੰਡ ਫੁੱਲੋ ਮਿੱਠੀ ਵਿਖੇ ਚੋਣ ਪ੍ਰਚਾਰ ਦੌਰਾਨ ਕਿਸਾਨਾਂ ਵੱਲੋਂ ਵਿਰੋਧ ਕੀਤਾ ਗਿਆ। ਕਿਸਾਨਾਂ ਨੇ ਸਵਾਲ ਪੁੱਛੇ ਅਤੇ ਨਾਅਰੇਬਾਜ਼ੀ ਕੀਤੀ। ਪੁਲਿਸ ਵੱਲੋਂ ਸਥਿਤੀ ਨੂੰ ਕਾਬੂ ਹੇਠ ਰੱਖਿਆ ਗਿਆ।
ਪੰਥਕ ਜਥੇਬੰਦੀਆਂ ਦੀ ਹਮਾਇਤ ਪ੍ਰਾਪਤ ਉਮੀਦਵਾਰ ਬਰਾੜ ਨੂੰ ਮਿਲਿਆ ਭਰਵਾਂ ਹੁੰਗਾਰਾ
ਜਗਰਾਉਂ, 16 ਮਈ (ਰਛਪਾਲ ਸਿੰਘ) : ਪੰਥਕ ਜਥੇਬੰਦੀਆਂ ਦੀ ਹਮਾਇਤ ਪ੍ਰਾਪਤ ਉਮੀਦਵਾਰ ਨੂੰ ਪਿੰਡਾਂ ਵਿੱਚ ਚੋਣ ਪ੍ਰਚਾਰ ਦੌਰਾਨ ਭਰਵਾਂ ਹੁੰਗਾਰਾ ਮਿਲਿਆ। ਵੱਡੀ ਗਿਣਤੀ ਵਿੱਚ ਨੌਜਵਾਨਾਂ ਅਤੇ ਬਜ਼ੁਰਗਾਂ ਨੇ ਸ਼ਮੂਲੀਅਤ ਕਰਕੇ ਹਮਾਇਤ ਦਾ ਐਲਾਨ ਕੀਤਾ।
ਜਗਰਾਉਂ, 16 ਮਈ (ਰਛਪਾਲ ਸਿੰਘ) : ਪੰਥਕ ਜਥੇਬੰਦੀਆਂ ਦੀ ਹਮਾਇਤ ਪ੍ਰਾਪਤ ਉਮੀਦਵਾਰ ਨੂੰ ਪਿੰਡਾਂ ਵਿੱਚ ਚੋਣ ਪ੍ਰਚਾਰ ਦੌਰਾਨ ਭਰਵਾਂ ਹੁੰਗਾਰਾ ਮਿਲਿਆ। ਵੱਡੀ ਗਿਣਤੀ ਵਿੱਚ ਨੌਜਵਾਨਾਂ ਅਤੇ ਬਜ਼ੁਰਗਾਂ ਨੇ ਸ਼ਮੂਲੀਅਤ ਕਰਕੇ ਹਮਾਇਤ ਦਾ ਐਲਾਨ ਕੀਤਾ।
